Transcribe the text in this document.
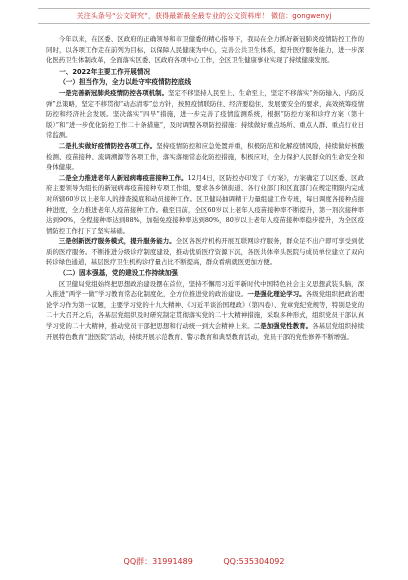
关注头条号“公文研究”，获得最新最全最专业的公文资料库！ 微信：gongwenyj

今年以来，在区委、区政府的正确领导和市卫健委的精心指导下，我局在全力抓好新冠肺炎疫情防控工作的同时，以各项工作走在前列为目标，以保障人民健康为中心，完善公共卫生体系，提升医疗服务能力，进一步深化医药卫生体制改革，全面落实区委、区政府各项中心工作，全区卫生健康事业实现了持续健康发展。

一、2022年主要工作开展情况

（一）担当作为，全力以赴守牢疫情防控底线

一是完善新冠肺炎疫情防控各项机制。坚定不移坚持人民至上、生命至上，坚定不移落实“外防输入、内防反弹”总策略，坚定不移贯彻“动态清零”总方针，按照疫情联防住、经济要稳住、发展要安全的要求，高效统筹疫情防控和经济社会发展。坚决落实“四早”措施，进一步完善了疫情监测系统，根据“防控方案和诊疗方案（第十版）”和“进一步优化防控工作二十条措施”，及时调整各项防控措施：持续做好重点场所、重点人群、重点行业日常监测。

二是扎实做好疫情防控各项工作。坚持疫情防控和应急处置并重，积极防范和化解疫情风险，持续做好核酸检测、疫苗接种、流调溯源等各项工作，落实落细常态化防控措施，积极应对，全力保护人民群众的生命安全和身体健康。

二是全力推进老年人新冠病毒疫苗接种工作。12月4日，区防控办印发了《方案》，方案确定了以区委、区政府主要领导为组长的新冠病毒疫苗接种专项工作组，要求各乡镇街道、各行业部门和区直部门在规定期限内完成对所辖60岁以上老年人的排查摸底和动员接种工作。区卫健局抽调精干力量组建工作专班，每日调度各接种点接种进度，全力推进老年人疫苗接种工作。截至目前，全区60岁以上老年人疫苗接种率不断提升，第一剂次接种率达到90%，全程接种率达到88%，加强免疫接种率达到80%，80岁以上老年人疫苗接种率稳步提升，为全区疫情防控工作打下了坚实基础。

三是创新医疗服务模式，提升服务能力。全区各医疗机构开展互联网诊疗服务，群众足不出户即可享受到优质的医疗服务。不断推进分级诊疗制度建设，推动优质医疗资源下沉，各医共体牵头医院与成员单位建立了双向转诊绿色通道，基层医疗卫生机构诊疗量占比不断提高，群众看病就医更加方便。

（二）固本强基，党的建设工作持续加强

区卫健局党组始终把思想政治建设摆在首位，坚持不懈用习近平新时代中国特色社会主义思想武装头脑，深入推进“两学一做”学习教育常态化制度化，全方位推进党的政治建设。一是强化理论学习。各级党组织把政治理论学习作为第一议题，主要学习党的十九大精神、《习近平谈治国理政》（第四卷）、党章党纪党规等，特别是党的二十大召开之后，各基层党组织及时研究制定贯彻落实党的二十大精神措施，采取多种形式，组织党员干部认真学习党的二十大精神，推动党员干部把思想和行动统一到大会精神上来。二是加强党性教育。各基层党组织持续开展特色教育“进医院”活动，持续开展示范教育、警示教育和典型教育活动，党员干部的党性修养不断增强。

QQ群：31991489	QQ:535304092
